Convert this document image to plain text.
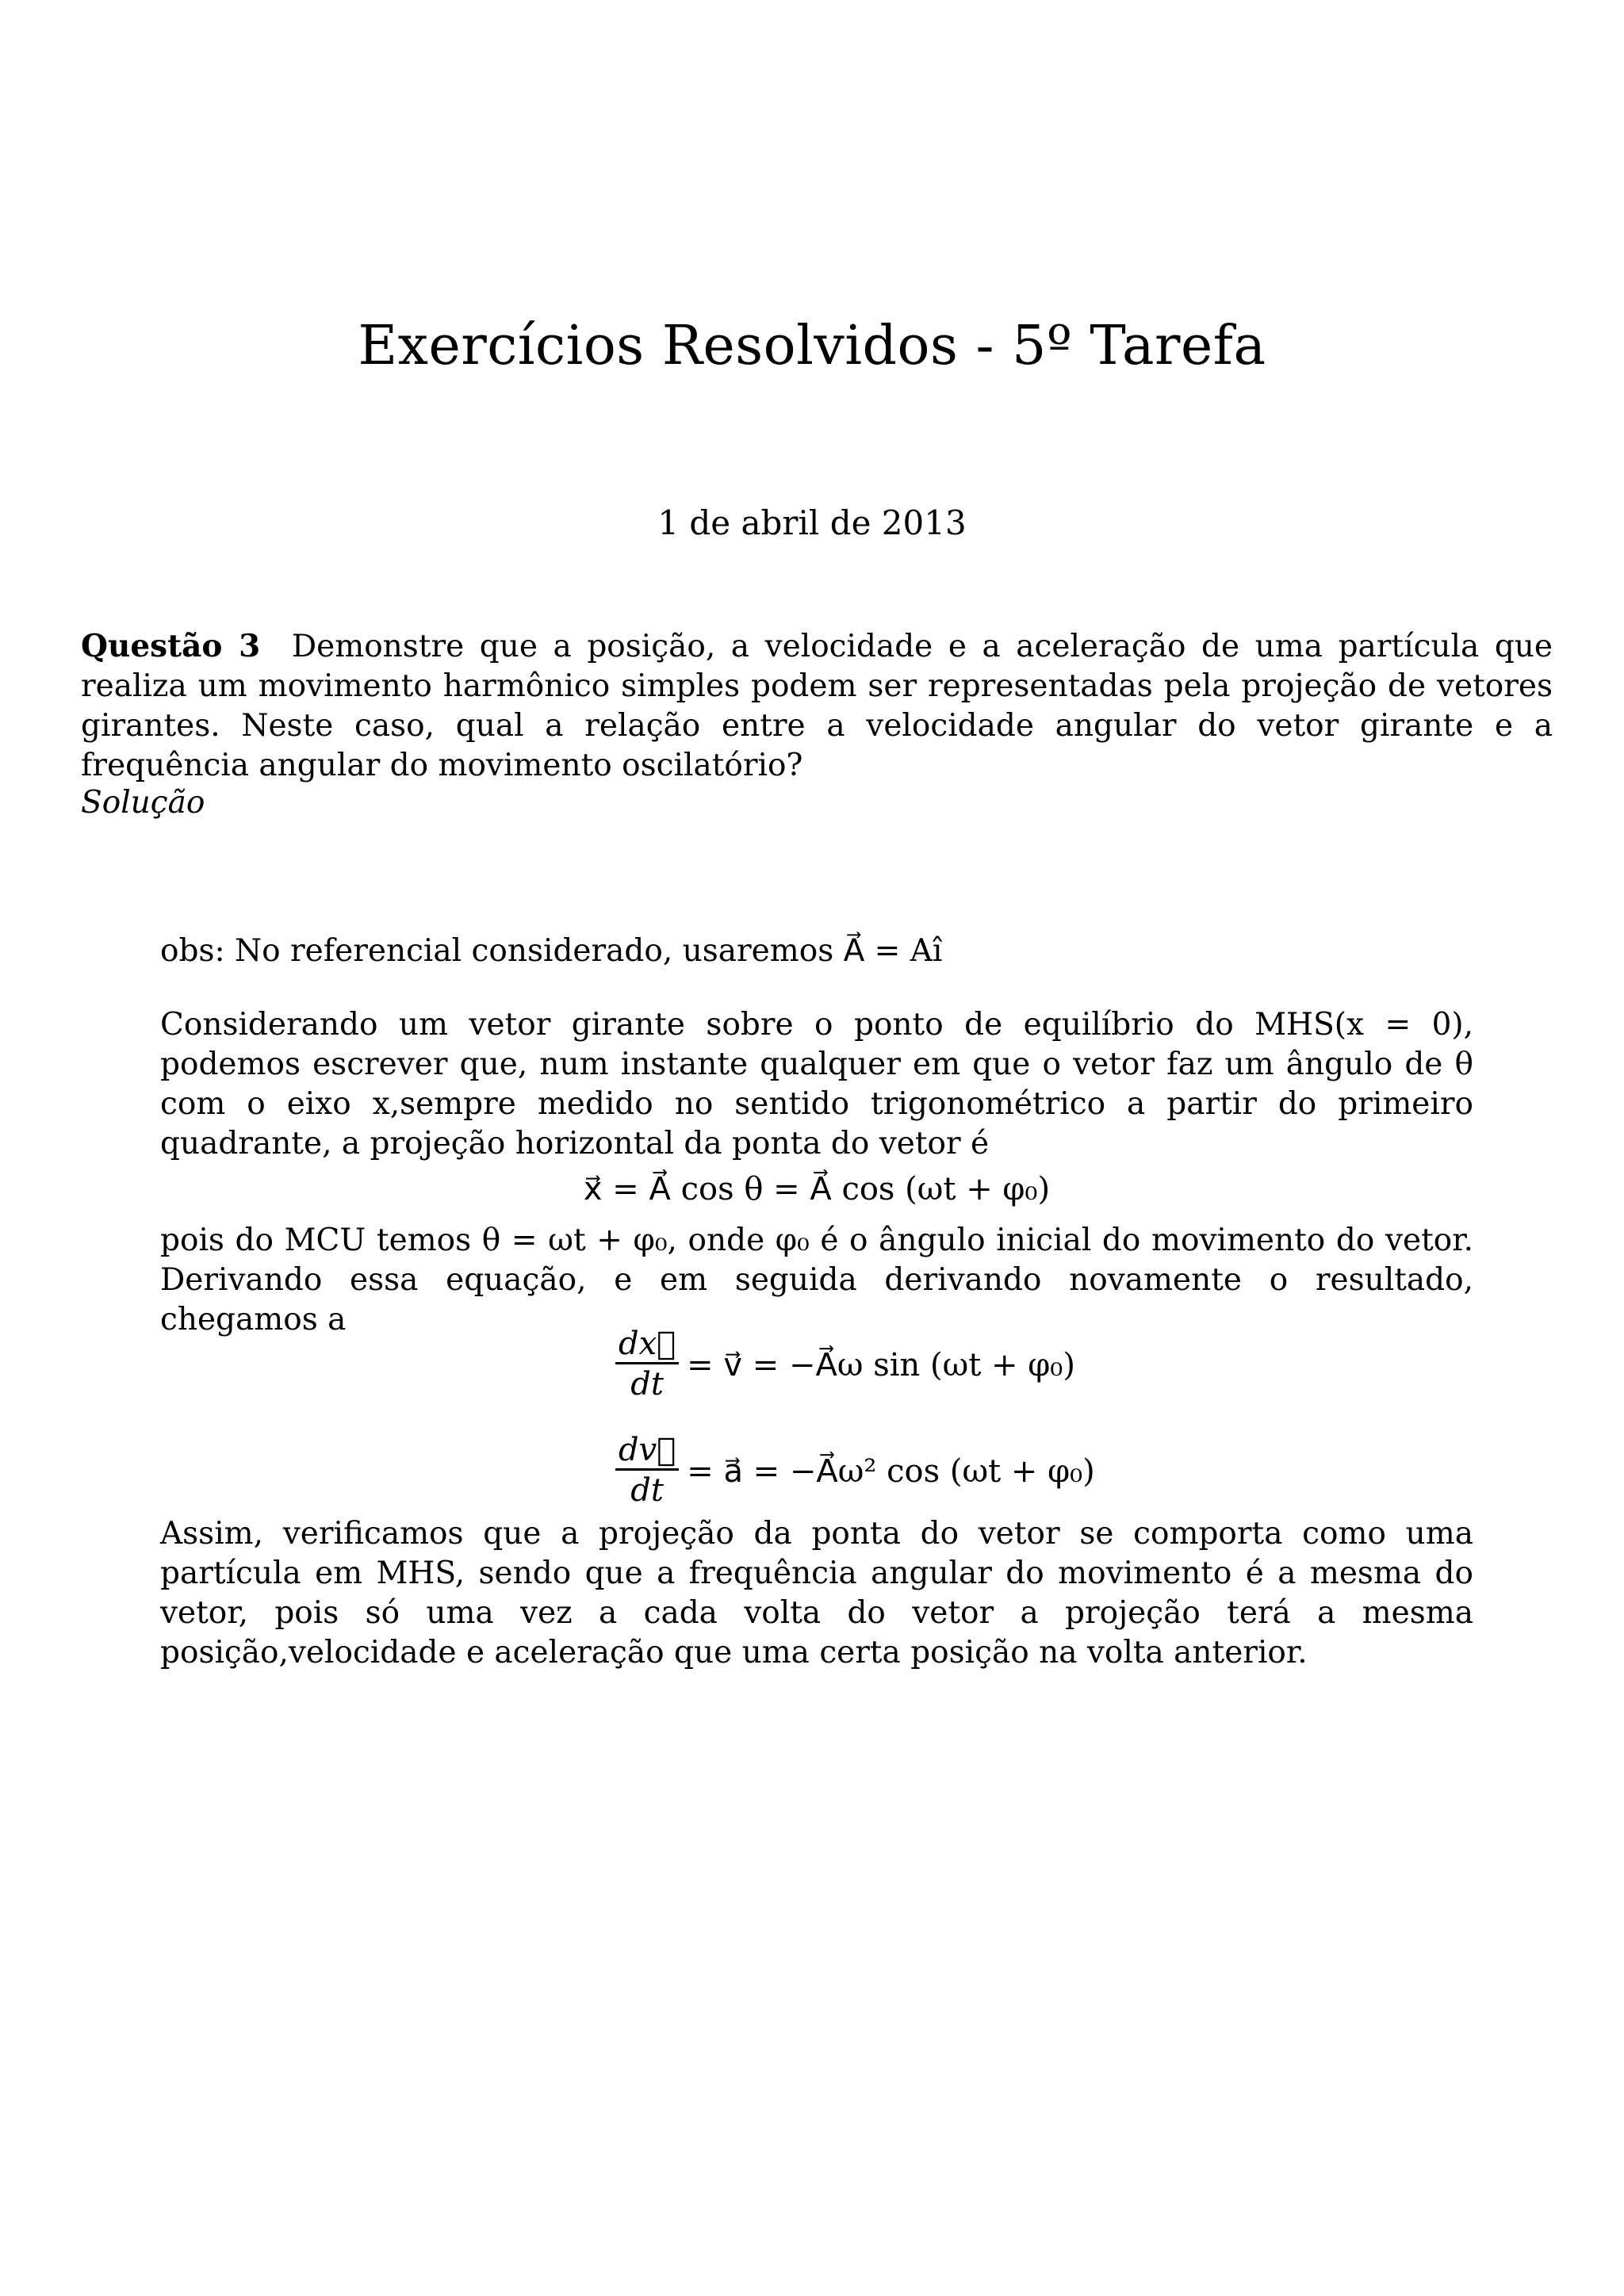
Exercícios Resolvidos - 5º Tarefa
1 de abril de 2013
Questão 3 Demonstre que a posição, a velocidade e a aceleração de uma partícula que realiza um movimento harmônico simples podem ser representadas pela projeção de vetores girantes. Neste caso, qual a relação entre a velocidade angular do vetor girante e a frequência angular do movimento oscilatório?
Solução
obs: No referencial considerado, usaremos A⃗ = Aî
Considerando um vetor girante sobre o ponto de equilíbrio do MHS(x = 0), podemos escrever que, num instante qualquer em que o vetor faz um ângulo de θ com o eixo x,sempre medido no sentido trigonométrico a partir do primeiro quadrante, a projeção horizontal da ponta do vetor é
x⃗ = A⃗ cos θ = A⃗ cos (ωt + φ₀)
pois do MCU temos θ = ωt + φ₀, onde φ₀ é o ângulo inicial do movimento do vetor. Derivando essa equação, e em seguida derivando novamente o resultado, chegamos a
$\frac{dx⃗}{dt}$ = v⃗ = −A⃗ω sin (ωt + φ₀)
$\frac{dv⃗}{dt}$ = a⃗ = −A⃗ω² cos (ωt + φ₀)
Assim, verificamos que a projeção da ponta do vetor se comporta como uma partícula em MHS, sendo que a frequência angular do movimento é a mesma do vetor, pois só uma vez a cada volta do vetor a projeção terá a mesma posição,velocidade e aceleração que uma certa posição na volta anterior.
